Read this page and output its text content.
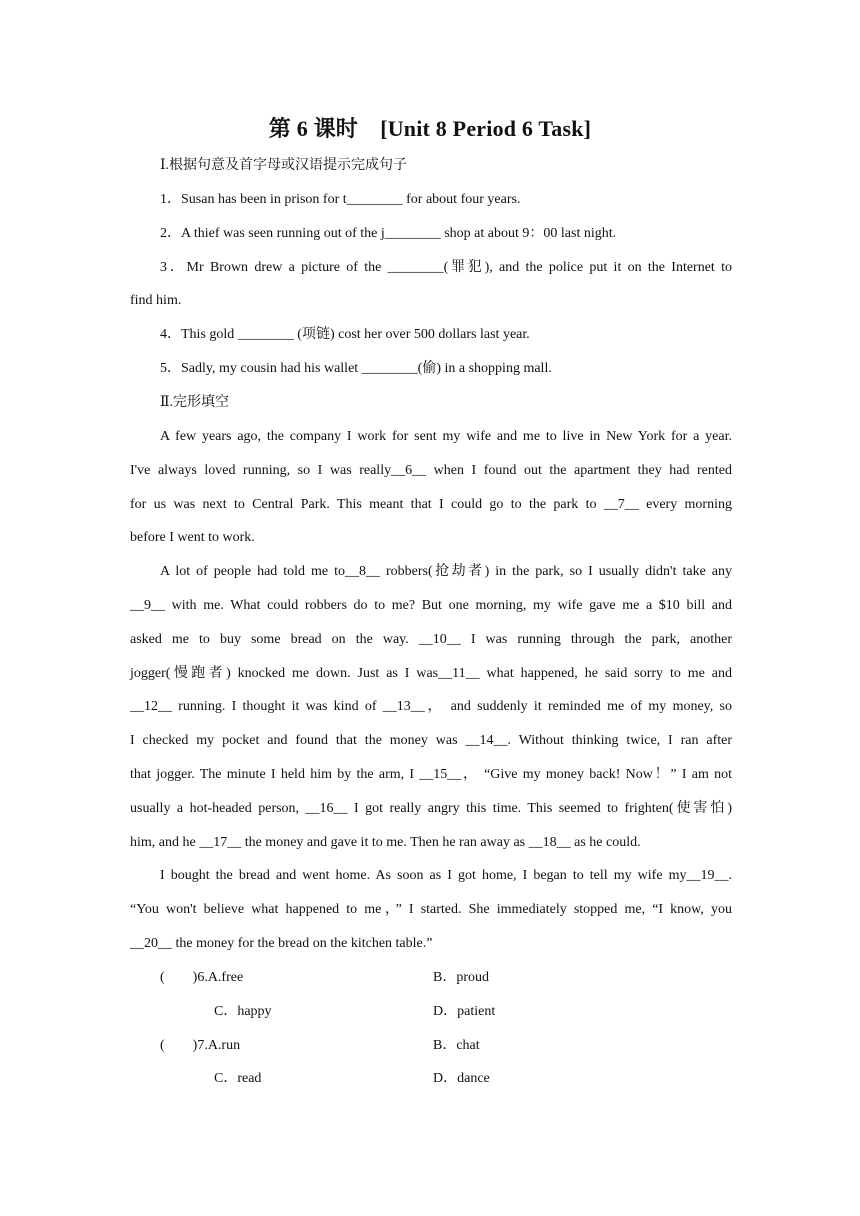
第 6 课时　[Unit 8 Period 6 Task]
Ⅰ.根据句意及首字母或汉语提示完成句子
1．Susan has been in prison for t________ for about four years.
2．A thief was seen running out of the j________ shop at about 9：00 last night.
3．Mr Brown drew a picture of the ________(罪犯), and the police put it on the Internet to
find him.
4．This gold ________ (项链) cost her over 500 dollars last year.
5．Sadly, my cousin had his wallet ________(偷) in a shopping mall.
Ⅱ.完形填空
A few years ago, the company I work for sent my wife and me to live in New York for a year.
I've always loved running, so I was really__6__ when I found out the apartment they had rented
for us was next to Central Park. This meant that I could go to the park to __7__ every morning
before I went to work.
A lot of people had told me to__8__ robbers(抢劫者) in the park, so I usually didn't take any
__9__ with me. What could robbers do to me? But one morning, my wife gave me a $10 bill and
asked me to buy some bread on the way. __10__ I was running through the park, another
jogger(慢跑者) knocked me down. Just as I was__11__ what happened, he said sorry to me and
__12__ running. I thought it was kind of __13__， and suddenly it reminded me of my money, so
I checked my pocket and found that the money was __14__. Without thinking twice, I ran after
that jogger. The minute I held him by the arm, I __15__， “Give my money back! Now！” I am not
usually a hot-headed person, __16__ I got really angry this time. This seemed to frighten(使害怕)
him, and he __17__ the money and gave it to me. Then he ran away as __18__ as he could.
I bought the bread and went home. As soon as I got home, I began to tell my wife my__19__.
“You won't believe what happened to me，” I started. She immediately stopped me, “I know, you
__20__ the money for the bread on the kitchen table.”
(　　)6.A.free	B．proud
C．happy	D．patient
(　　)7.A.run	B．chat
C．read	D．dance
